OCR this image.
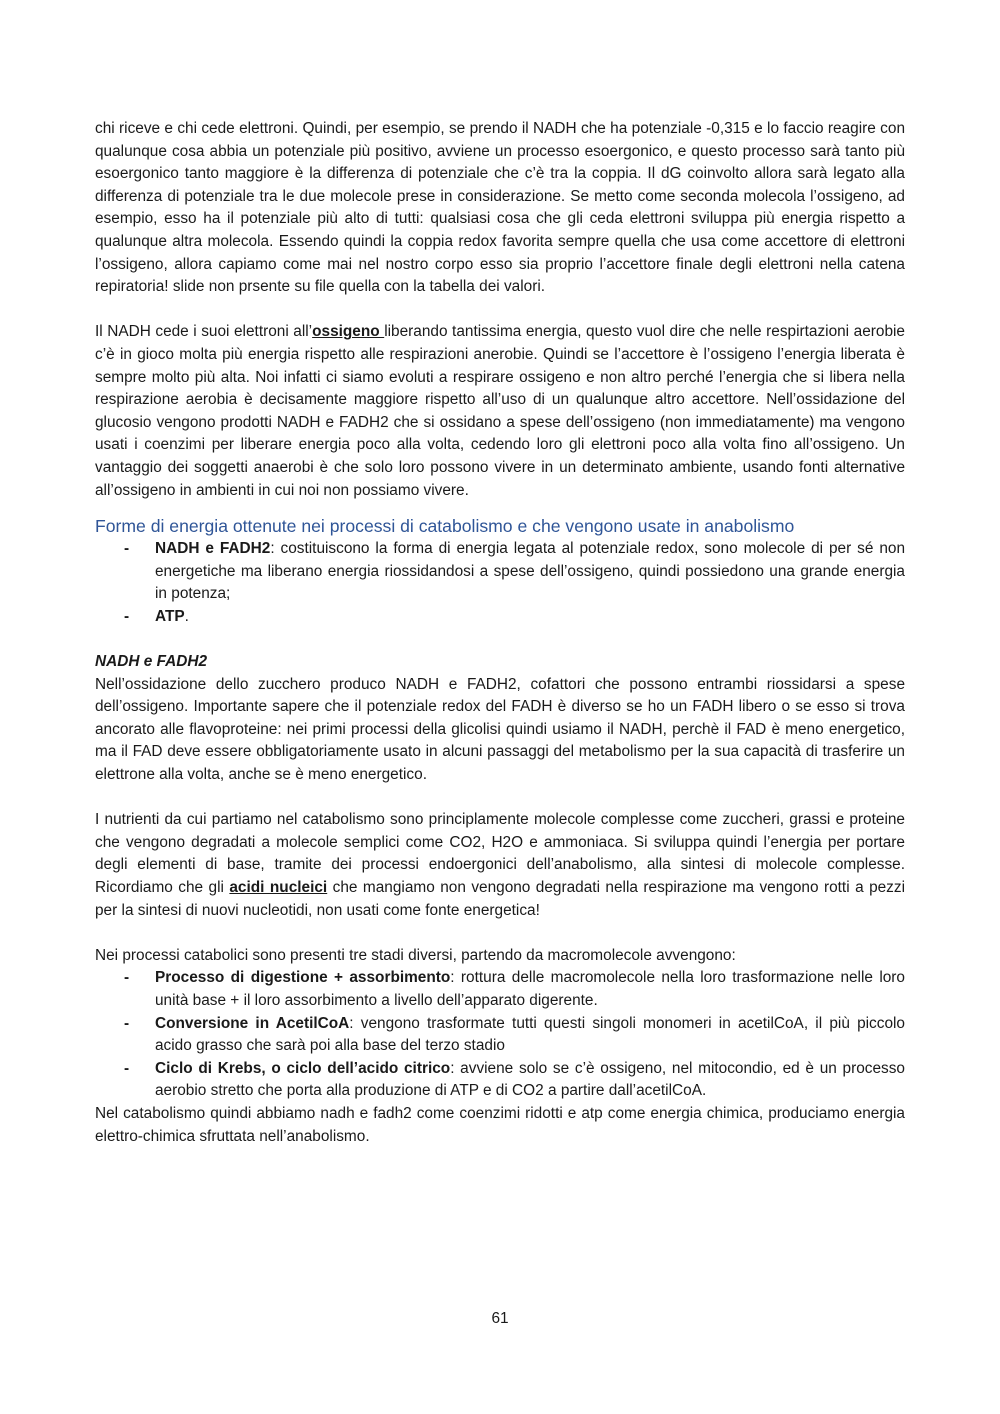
chi riceve e chi cede elettroni. Quindi, per esempio, se prendo il NADH che ha potenziale -0,315 e lo faccio reagire con qualunque cosa abbia un potenziale più positivo, avviene un processo esoergonico, e questo processo sarà tanto più esoergonico tanto maggiore è la differenza di potenziale che c’è tra la coppia. Il dG coinvolto allora sarà legato alla differenza di potenziale tra le due molecole prese in considerazione. Se metto come seconda molecola l’ossigeno, ad esempio, esso ha il potenziale più alto di tutti: qualsiasi cosa che gli ceda elettroni sviluppa più energia rispetto a qualunque altra molecola. Essendo quindi la coppia redox favorita sempre quella che usa come accettore di elettroni l’ossigeno, allora capiamo come mai nel nostro corpo esso sia proprio l’accettore finale degli elettroni nella catena repiratoria! slide non prsente su file quella con la tabella dei valori.

Il NADH cede i suoi elettroni all’ossigeno liberando tantissima energia, questo vuol dire che nelle respirtazioni aerobie c’è in gioco molta più energia rispetto alle respirazioni anerobie. Quindi se l’accettore è l’ossigeno l’energia liberata è sempre molto più alta. Noi infatti ci siamo evoluti a respirare ossigeno e non altro perché l’energia che si libera nella respirazione aerobia è decisamente maggiore rispetto all’uso di un qualunque altro accettore. Nell’ossidazione del glucosio vengono prodotti NADH e FADH2 che si ossidano a spese dell’ossigeno (non immediatamente) ma vengono usati i coenzimi per liberare energia poco alla volta, cedendo loro gli elettroni poco alla volta fino all’ossigeno. Un vantaggio dei soggetti anaerobi è che solo loro possono vivere in un determinato ambiente, usando fonti alternative all’ossigeno in ambienti in cui noi non possiamo vivere.

Forme di energia ottenute nei processi di catabolismo e che vengono usate in anabolismo
- NADH e FADH2: costituiscono la forma di energia legata al potenziale redox, sono molecole di per sé non energetiche ma liberano energia riossidandosi a spese dell’ossigeno, quindi possiedono una grande energia in potenza;
- ATP.
NADH e FADH2

Nell’ossidazione dello zucchero produco NADH e FADH2, cofattori che possono entrambi riossidarsi a spese dell’ossigeno. Importante sapere che il potenziale redox del FADH è diverso se ho un FADH libero o se esso si trova ancorato alle flavoproteine: nei primi processi della glicolisi quindi usiamo il NADH, perchè il FAD è meno energetico, ma il FAD deve essere obbligatoriamente usato in alcuni passaggi del metabolismo per la sua capacità di trasferire un elettrone alla volta, anche se è meno energetico.

I nutrienti da cui partiamo nel catabolismo sono principlamente molecole complesse come zuccheri, grassi e proteine che vengono degradati a molecole semplici come CO2, H2O e ammoniaca. Si sviluppa quindi l’energia per portare degli elementi di base, tramite dei processi endoergonici dell’anabolismo, alla sintesi di molecole complesse. Ricordiamo che gli acidi nucleici che mangiamo non vengono degradati nella respirazione ma vengono rotti a pezzi per la sintesi di nuovi nucleotidi, non usati come fonte energetica!

Nei processi catabolici sono presenti tre stadi diversi, partendo da macromolecole avvengono:

- Processo di digestione + assorbimento: rottura delle macromolecole nella loro trasformazione nelle loro unità base + il loro assorbimento a livello dell’apparato digerente.
- Conversione in AcetilCoA: vengono trasformate tutti questi singoli monomeri in acetilCoA, il più piccolo acido grasso che sarà poi alla base del terzo stadio
- Ciclo di Krebs, o ciclo dell’acido citrico: avviene solo se c’è ossigeno, nel mitocondio, ed è un processo aerobio stretto che porta alla produzione di ATP e di CO2 a partire dall’acetilCoA.

Nel catabolismo quindi abbiamo nadh e fadh2 come coenzimi ridotti e atp come energia chimica, produciamo energia elettro-chimica sfruttata nell’anabolismo.

61
